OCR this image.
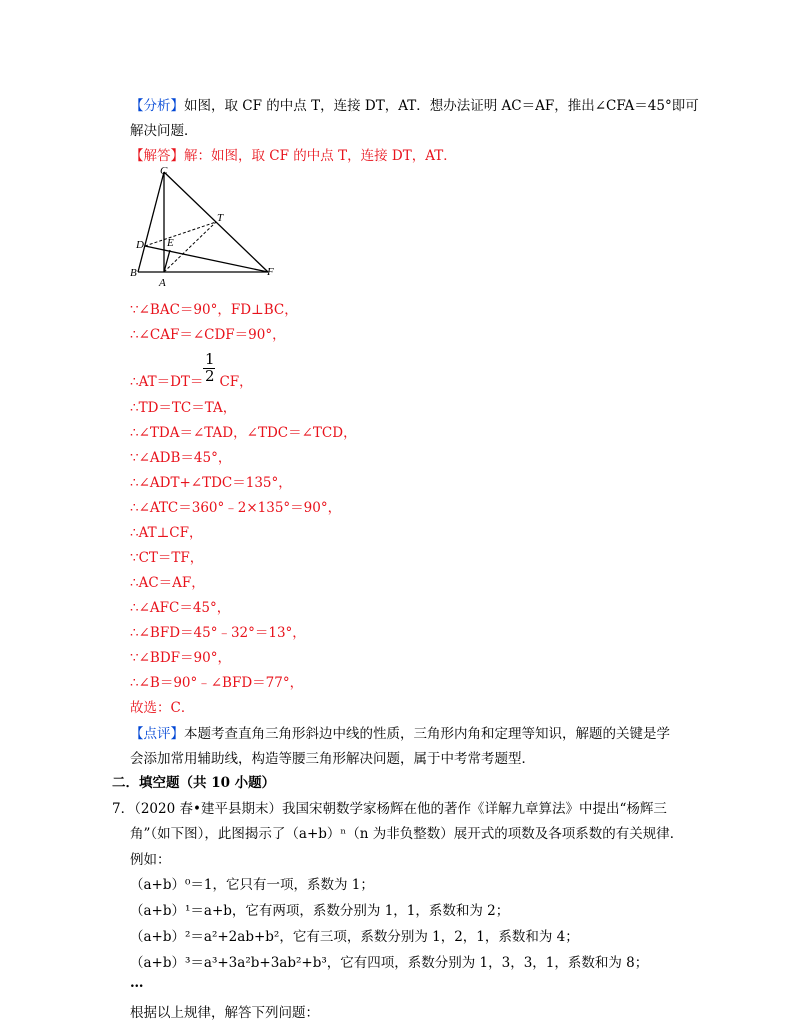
【分析】如图，取 CF 的中点 T，连接 DT，AT．想办法证明 AC＝AF，推出∠CFA＝45°即可
解决问题．
【解答】解：如图，取 CF 的中点 T，连接 DT，AT．
C
T
D E
B
A
F
∵∠BAC＝90°，FD⊥BC，
∴∠CAF＝∠CDF＝90°，
1
2
∴AT＝DT＝ CF，
∴TD＝TC＝TA，
∴∠TDA＝∠TAD，∠TDC＝∠TCD，
∵∠ADB＝45°，
∴∠ADT+∠TDC＝135°，
∴∠ATC＝360°﹣2×135°＝90°，
∴AT⊥CF，
∵CT＝TF，
∴AC＝AF，
∴∠AFC＝45°，
∴∠BFD＝45°﹣32°＝13°，
∵∠BDF＝90°，
∴∠B＝90°﹣∠BFD＝77°，
故选：C．
【点评】本题考查直角三角形斜边中线的性质，三角形内角和定理等知识，解题的关键是学
会添加常用辅助线，构造等腰三角形解决问题，属于中考常考题型．
二．填空题（共 10 小题）
7．（2020 春•建平县期末）我国宋朝数学家杨辉在他的著作《详解九章算法》中提出“杨辉三
角”（如下图），此图揭示了（a+b）ⁿ（n 为非负整数）展开式的项数及各项系数的有关规律．
例如：
（a+b）⁰＝1，它只有一项，系数为 1；
（a+b）¹＝a+b，它有两项，系数分别为 1，1，系数和为 2；
（a+b）²＝a²+2ab+b²，它有三项，系数分别为 1，2，1，系数和为 4；
（a+b）³＝a³+3a²b+3ab²+b³，它有四项，系数分别为 1，3，3，1，系数和为 8；
…
根据以上规律，解答下列问题：
